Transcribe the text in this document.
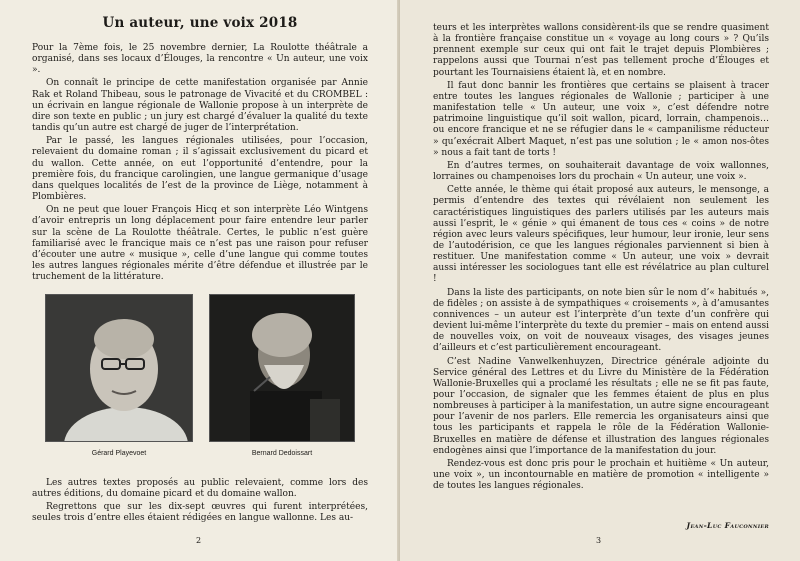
Un auteur, une voix 2018

Pour la 7ème fois, le 25 novembre dernier, La Roulotte théâtrale a organisé, dans ses locaux d’Élouges, la rencontre « Un auteur, une voix ».

On connaît le principe de cette manifestation organisée par Annie Rak et Roland Thibeau, sous le patronage de Vivacité et du CROMBEL : un écrivain en langue régionale de Wallonie propose à un interprète de dire son texte en public ; un jury est chargé d’évaluer la qualité du texte tandis qu’un autre est chargé de juger de l’interprétation.

Par le passé, les langues régionales utilisées, pour l’occasion, relevaient du domaine roman ; il s’agissait exclusivement du picard et du wallon. Cette année, on eut l’opportunité d’entendre, pour la première fois, du francique carolingien, une langue germanique d’usage dans quelques localités de l’est de la province de Liège, notamment à Plombières.

On ne peut que louer François Hicq et son interprète Léo Wintgens d’avoir entrepris un long déplacement pour faire entendre leur parler sur la scène de La Roulotte théâtrale. Certes, le public n’est guère familiarisé avec le francique mais ce n’est pas une raison pour refuser d’écouter une autre « musique », celle d’une langue qui comme toutes les autres langues régionales mérite d’être défendue et illustrée par le truchement de la littérature.

Gérard Playevoet	Bernard Dedoissart

Les autres textes proposés au public relevaient, comme lors des autres éditions, du domaine picard et du domaine wallon.

Regrettons que sur les dix-sept œuvres qui furent interprétées, seules trois d’entre elles étaient rédigées en langue wallonne. Les au-

2

teurs et les interprètes wallons considèrent-ils que se rendre quasiment à la frontière française constitue un « voyage au long cours » ? Qu’ils prennent exemple sur ceux qui ont fait le trajet depuis Plombières ; rappelons aussi que Tournai n’est pas tellement proche d’Élouges et pourtant les Tournaisiens étaient là, et en nombre.

Il faut donc bannir les frontières que certains se plaisent à tracer entre toutes les langues régionales de Wallonie ; participer à une manifestation telle « Un auteur, une voix », c’est défendre notre patrimoine linguistique qu’il soit wallon, picard, lorrain, champenois… ou encore francique et ne se réfugier dans le « campanilisme réducteur » qu’exécrait Albert Maquet, n’est pas une solution ; le « amon nos-ôtes » nous a fait tant de torts !

En d’autres termes, on souhaiterait davantage de voix wallonnes, lorraines ou champenoises lors du prochain « Un auteur, une voix ».

Cette année, le thème qui était proposé aux auteurs, le mensonge, a permis d’entendre des textes qui révélaient non seulement les caractéristiques linguistiques des parlers utilisés par les auteurs mais aussi l’esprit, le « génie » qui émanent de tous ces « coins » de notre région avec leurs valeurs spécifiques, leur humour, leur ironie, leur sens de l’autodérision, ce que les langues régionales parviennent si bien à restituer. Une manifestation comme « Un auteur, une voix » devrait aussi intéresser les sociologues tant elle est révélatrice au plan culturel !

Dans la liste des participants, on note bien sûr le nom d’« habitués », de fidèles ; on assiste à de sympathiques « croisements », à d’amusantes connivences – un auteur est l’interprète d’un texte d’un confrère qui devient lui-même l’interprète du texte du premier – mais on entend aussi de nouvelles voix, on voit de nouveaux visages, des visages jeunes d’ailleurs et c’est particulièrement encourageant.

C’est Nadine Vanwelkenhuyzen, Directrice générale adjointe du Service général des Lettres et du Livre du Ministère de la Fédération Wallonie-Bruxelles qui a proclamé les résultats ; elle ne se fit pas faute, pour l’occasion, de signaler que les femmes étaient de plus en plus nombreuses à participer à la manifestation, un autre signe encourageant pour l’avenir de nos parlers. Elle remercia les organisateurs ainsi que tous les participants et rappela le rôle de la Fédération Wallonie-Bruxelles en matière de défense et illustration des langues régionales endogènes ainsi que l’importance de la manifestation du jour.

Rendez-vous est donc pris pour le prochain et huitième « Un auteur, une voix », un incontournable en matière de promotion « intelligente » de toutes les langues régionales.

Jean-Luc Fauconnier
3
